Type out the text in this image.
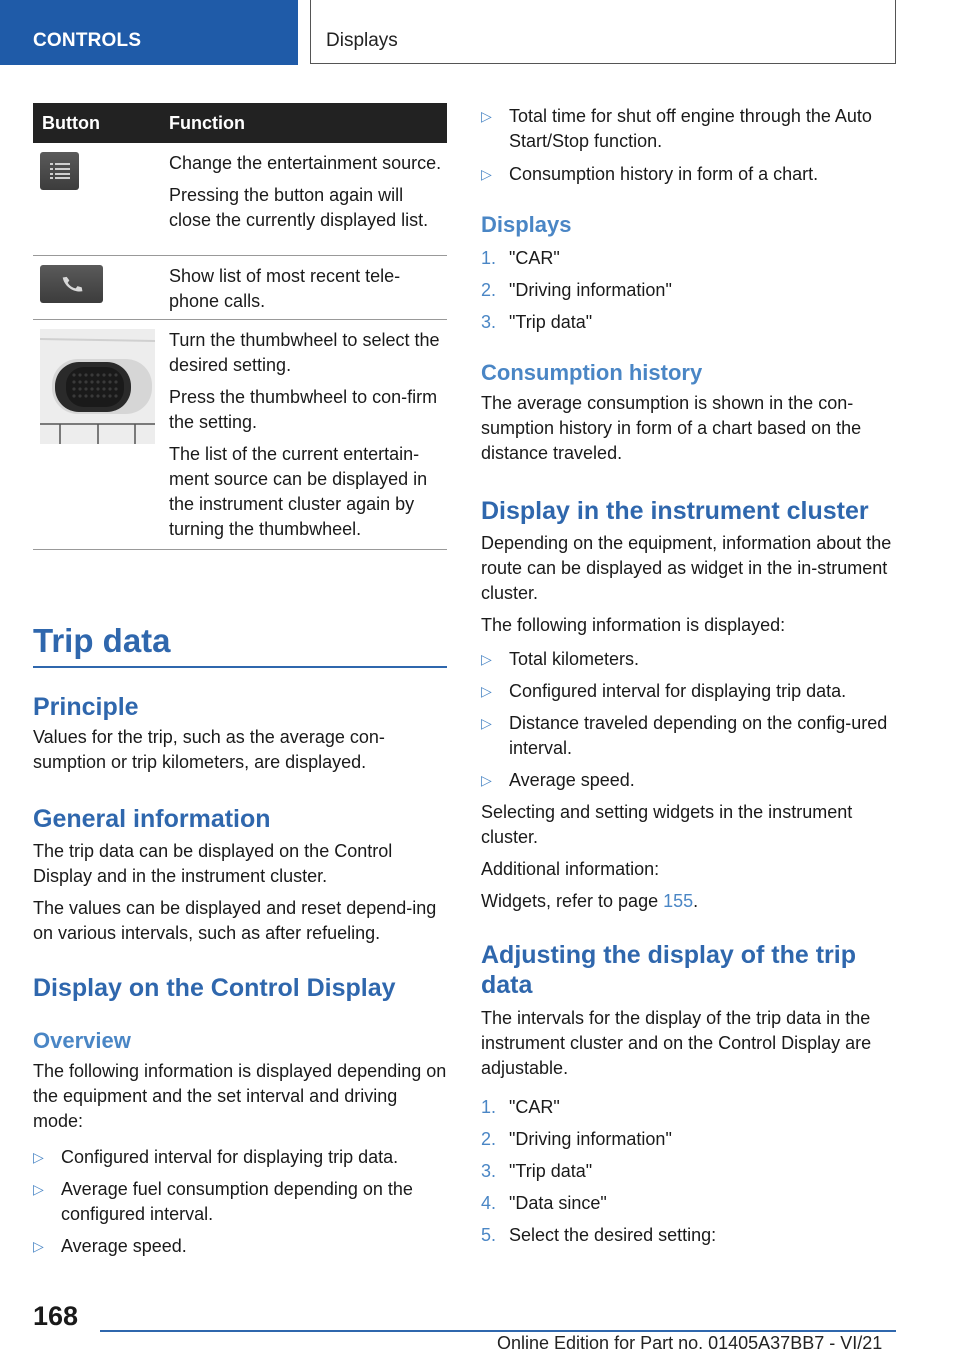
CONTROLS	Displays
Button	Function

Change the entertainment source.

Pressing the button again will close the currently displayed list.

Show list of most recent tele-phone calls.

Turn the thumbwheel to select the desired setting.

Press the thumbwheel to con-firm the setting.

The list of the current entertain-ment source can be displayed in the instrument cluster again by turning the thumbwheel.

Trip data
Principle

Values for the trip, such as the average con-sumption or trip kilometers, are displayed.

General information

The trip data can be displayed on the Control Display and in the instrument cluster.

The values can be displayed and reset depend-ing on various intervals, such as after refueling.

Display on the Control Display
Overview

The following information is displayed depending on the equipment and the set interval and driving mode:

▷ Configured interval for displaying trip data.
▷ Average fuel consumption depending on the configured interval.
▷ Average speed.
▷ Total time for shut off engine through the Auto Start/Stop function.
▷ Consumption history in form of a chart.
Displays
1. "CAR"
2. "Driving information"
3. "Trip data"
Consumption history

The average consumption is shown in the con-sumption history in form of a chart based on the distance traveled.

Display in the instrument cluster

Depending on the equipment, information about the route can be displayed as widget in the in-strument cluster.

The following information is displayed:

▷ Total kilometers.
▷ Configured interval for displaying trip data.
▷ Distance traveled depending on the config-ured interval.
▷ Average speed.

Selecting and setting widgets in the instrument cluster.

Additional information:

Widgets, refer to page 155.

Adjusting the display of the trip
data

The intervals for the display of the trip data in the instrument cluster and on the Control Display are adjustable.

1. "CAR"
2. "Driving information"
3. "Trip data"
4. "Data since"
5. Select the desired setting:
168
Online Edition for Part no. 01405A37BB7 - VI/21
